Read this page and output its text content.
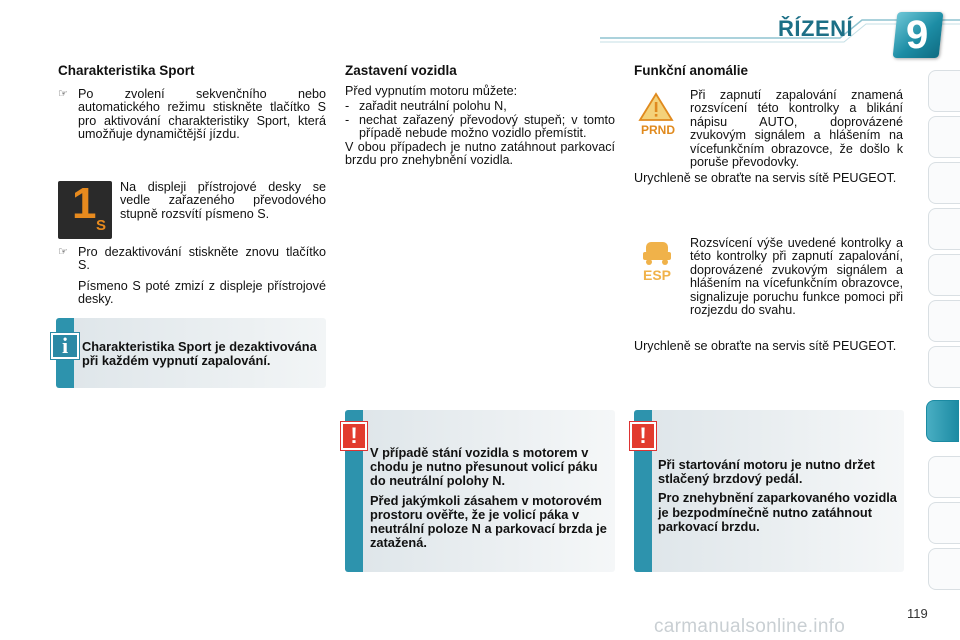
ŘÍZENÍ 9
Charakteristika Sport
☞ Po zvolení sekvenčního nebo automatického režimu stiskněte tlačítko S pro aktivování charakteristiky Sport, která umožňuje dynamičtější jízdu.

1 S
Na displeji přístrojové desky se vedle zařazeného převodového stupně rozsvítí písmeno S.
☞ Pro dezaktivování stiskněte znovu tlačítko S.

Písmeno S poté zmizí z displeje přístrojové desky.

i	Charakteristika Sport je dezaktivována při každém vypnutí zapalování.
Zastavení vozidla

Před vypnutím motoru můžete:

- zařadit neutrální polohu N,

- nechat zařazený převodový stupeň; v tomto případě nebude možno vozidlo přemístit.

V obou případech je nutno zatáhnout parkovací brzdu pro znehybnění vozidla.

!

V případě stání vozidla s motorem v chodu je nutno přesunout volicí páku do neutrální polohy N.

Před jakýmkoli zásahem v motorovém prostoru ověřte, že je volicí páka v neutrální poloze N a parkovací brzda je zatažená.

Funkční anomálie
PRND

Při zapnutí zapalování znamená rozsvícení této kontrolky a blikání nápisu AUTO, doprovázené zvukovým signálem a hlášením na vícefunkčním obrazovce, že došlo k poruše převodovky.

Urychleně se obraťte na servis sítě PEUGEOT.

ESP

Rozsvícení výše uvedené kontrolky a této kontrolky při zapnutí zapalování, doprovázené zvukovým signálem a hlášením na vícefunkčním obrazovce, signalizuje poruchu funkce pomoci při rozjezdu do svahu.

Urychleně se obraťte na servis sítě PEUGEOT.

!

Při startování motoru je nutno držet stlačený brzdový pedál.

Pro znehybnění zaparkovaného vozidla je bezpodmínečně nutno zatáhnout parkovací brzdu.

119
carmanualsonline.info
